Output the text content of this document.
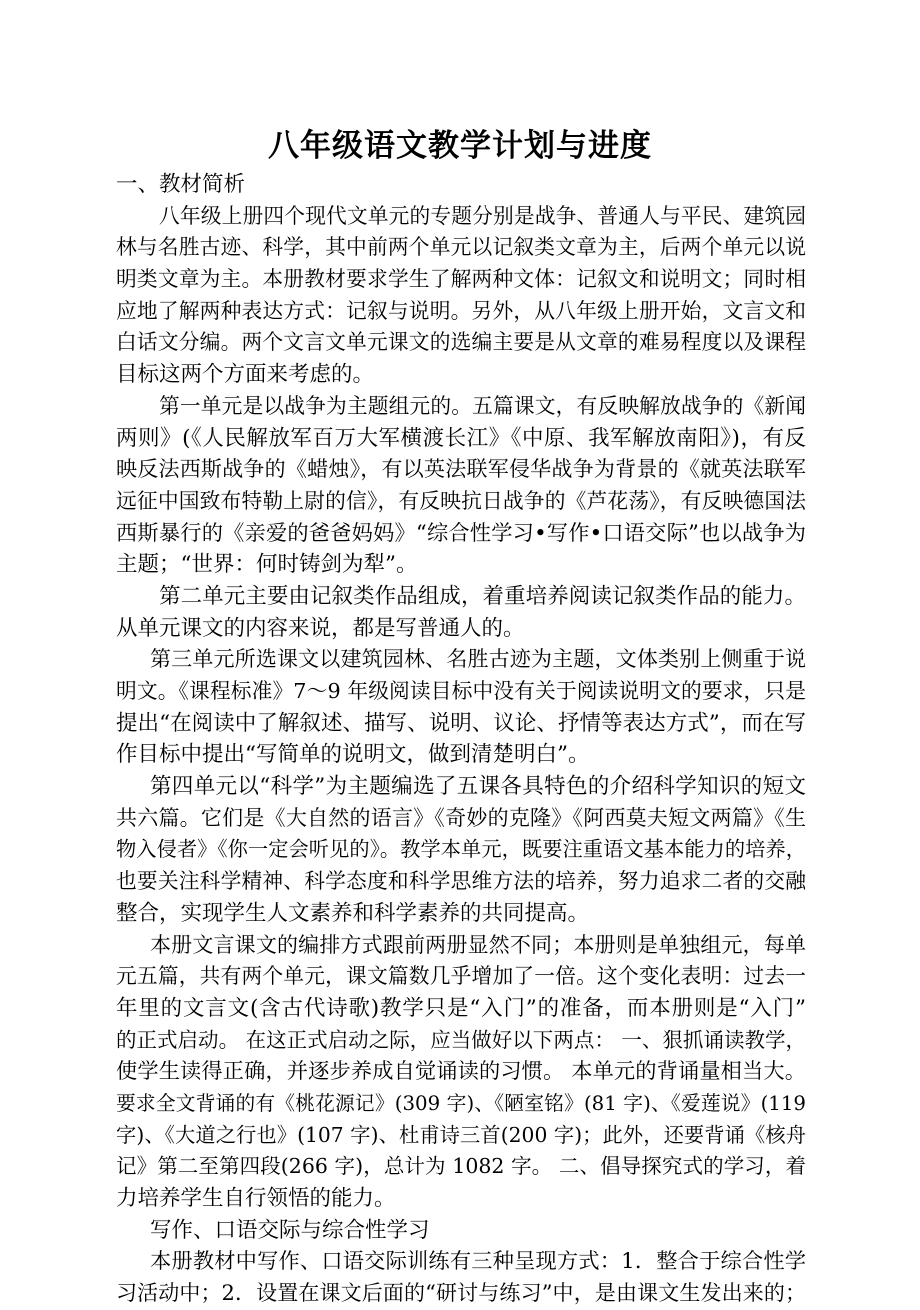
八年级语文教学计划与进度
一、教材简析
八年级上册四个现代文单元的专题分别是战争、普通人与平民、建筑园
林与名胜古迹、科学，其中前两个单元以记叙类文章为主，后两个单元以说
明类文章为主。本册教材要求学生了解两种文体：记叙文和说明文；同时相
应地了解两种表达方式：记叙与说明。另外，从八年级上册开始，文言文和
白话文分编。两个文言文单元课文的选编主要是从文章的难易程度以及课程
目标这两个方面来考虑的。
第一单元是以战争为主题组元的。五篇课文，有反映解放战争的《新闻
两则》(《人民解放军百万大军横渡长江》《中原、我军解放南阳》)，有反
映反法西斯战争的《蜡烛》，有以英法联军侵华战争为背景的《就英法联军
远征中国致布特勒上尉的信》，有反映抗日战争的《芦花荡》，有反映德国法
西斯暴行的《亲爱的爸爸妈妈》“综合性学习•写作•口语交际”也以战争为
主题；“世界：何时铸剑为犁”。
第二单元主要由记叙类作品组成，着重培养阅读记叙类作品的能力。
从单元课文的内容来说，都是写普通人的。
第三单元所选课文以建筑园林、名胜古迹为主题，文体类别上侧重于说
明文。《课程标准》7～9 年级阅读目标中没有关于阅读说明文的要求，只是
提出“在阅读中了解叙述、描写、说明、议论、抒情等表达方式”，而在写
作目标中提出“写简单的说明文，做到清楚明白”。
第四单元以“科学”为主题编选了五课各具特色的介绍科学知识的短文
共六篇。它们是《大自然的语言》《奇妙的克隆》《阿西莫夫短文两篇》《生
物入侵者》《你一定会听见的》。教学本单元，既要注重语文基本能力的培养，
也要关注科学精神、科学态度和科学思维方法的培养，努力追求二者的交融
整合，实现学生人文素养和科学素养的共同提高。
本册文言课文的编排方式跟前两册显然不同；本册则是单独组元，每单
元五篇，共有两个单元，课文篇数几乎增加了一倍。这个变化表明：过去一
年里的文言文(含古代诗歌)教学只是“入门”的准备，而本册则是“入门”
的正式启动。 在这正式启动之际，应当做好以下两点： 一、狠抓诵读教学，
使学生读得正确，并逐步养成自觉诵读的习惯。 本单元的背诵量相当大。
要求全文背诵的有《桃花源记》(309 字)、《陋室铭》(81 字)、《爱莲说》(119
字)、《大道之行也》(107 字)、杜甫诗三首(200 字)；此外，还要背诵《核舟
记》第二至第四段(266 字)，总计为 1082 字。 二、倡导探究式的学习，着
力培养学生自行领悟的能力。
写作、口语交际与综合性学习
本册教材中写作、口语交际训练有三种呈现方式：1．整合于综合性学
习活动中；2．设置在课文后面的“研讨与练习”中，是由课文生发出来的；
